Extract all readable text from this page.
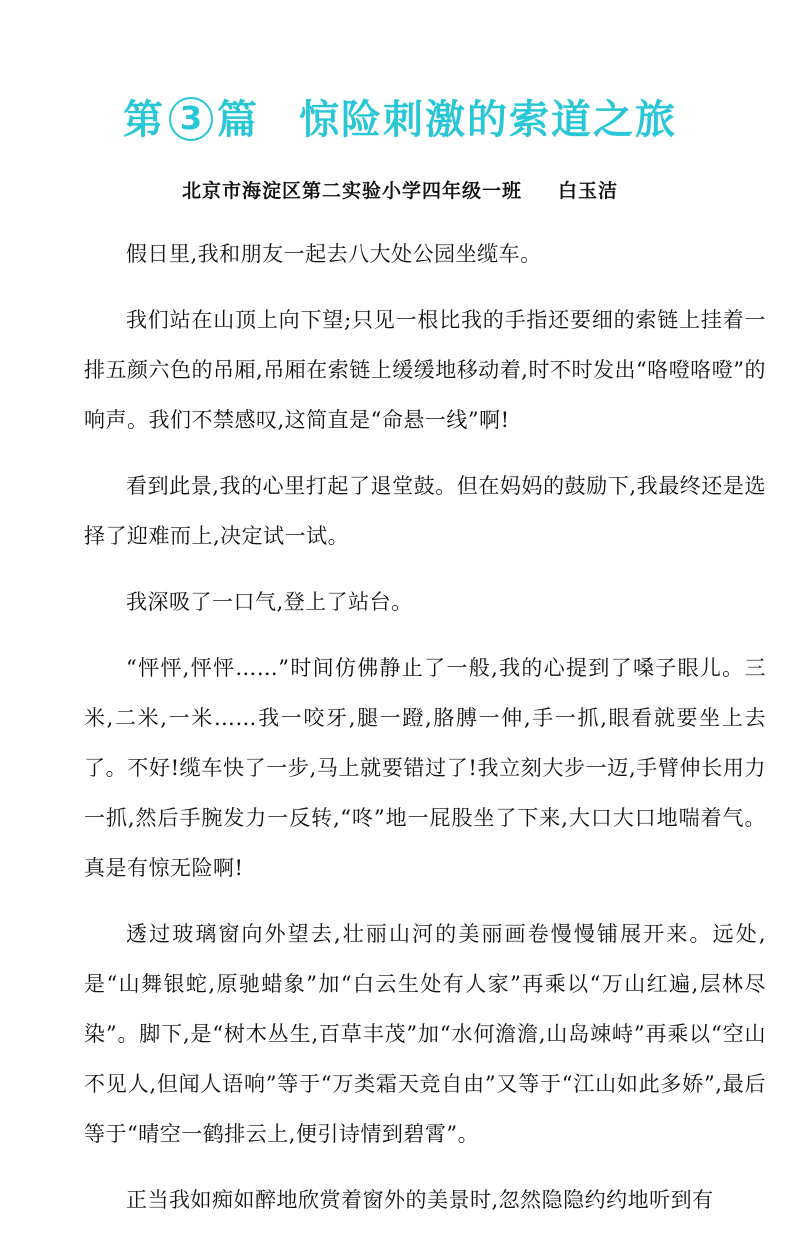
第 3 篇 惊险刺激的索道之旅
北京市海淀区第二实验小学四年级一班 白玉洁

假日里,我和朋友一起去八大处公园坐缆车。

我们站在山顶上向下望;只见一根比我的手指还要细的索链上挂着一排五颜六色的吊厢,吊厢在索链上缓缓地移动着,时不时发出“咯噔咯噔”的响声。我们不禁感叹,这简直是“命悬一线”啊!

看到此景,我的心里打起了退堂鼓。但在妈妈的鼓励下,我最终还是选择了迎难而上,决定试一试。

我深吸了一口气,登上了站台。

“怦怦,怦怦……”时间仿佛静止了一般,我的心提到了嗓子眼儿。三米,二米,一米……我一咬牙,腿一蹬,胳膊一伸,手一抓,眼看就要坐上去了。不好!缆车快了一步,马上就要错过了!我立刻大步一迈,手臂伸长用力一抓,然后手腕发力一反转,“咚”地一屁股坐了下来,大口大口地喘着气。真是有惊无险啊!

透过玻璃窗向外望去,壮丽山河的美丽画卷慢慢铺展开来。远处,是“山舞银蛇,原驰蜡象”加“白云生处有人家”再乘以“万山红遍,层林尽染”。脚下,是“树木丛生,百草丰茂”加“水何澹澹,山岛竦峙”再乘以“空山不见人,但闻人语响”等于“万类霜天竞自由”又等于“江山如此多娇”,最后等于“晴空一鹤排云上,便引诗情到碧霄”。

正当我如痴如醉地欣赏着窗外的美景时,忽然隐隐约约地听到有
